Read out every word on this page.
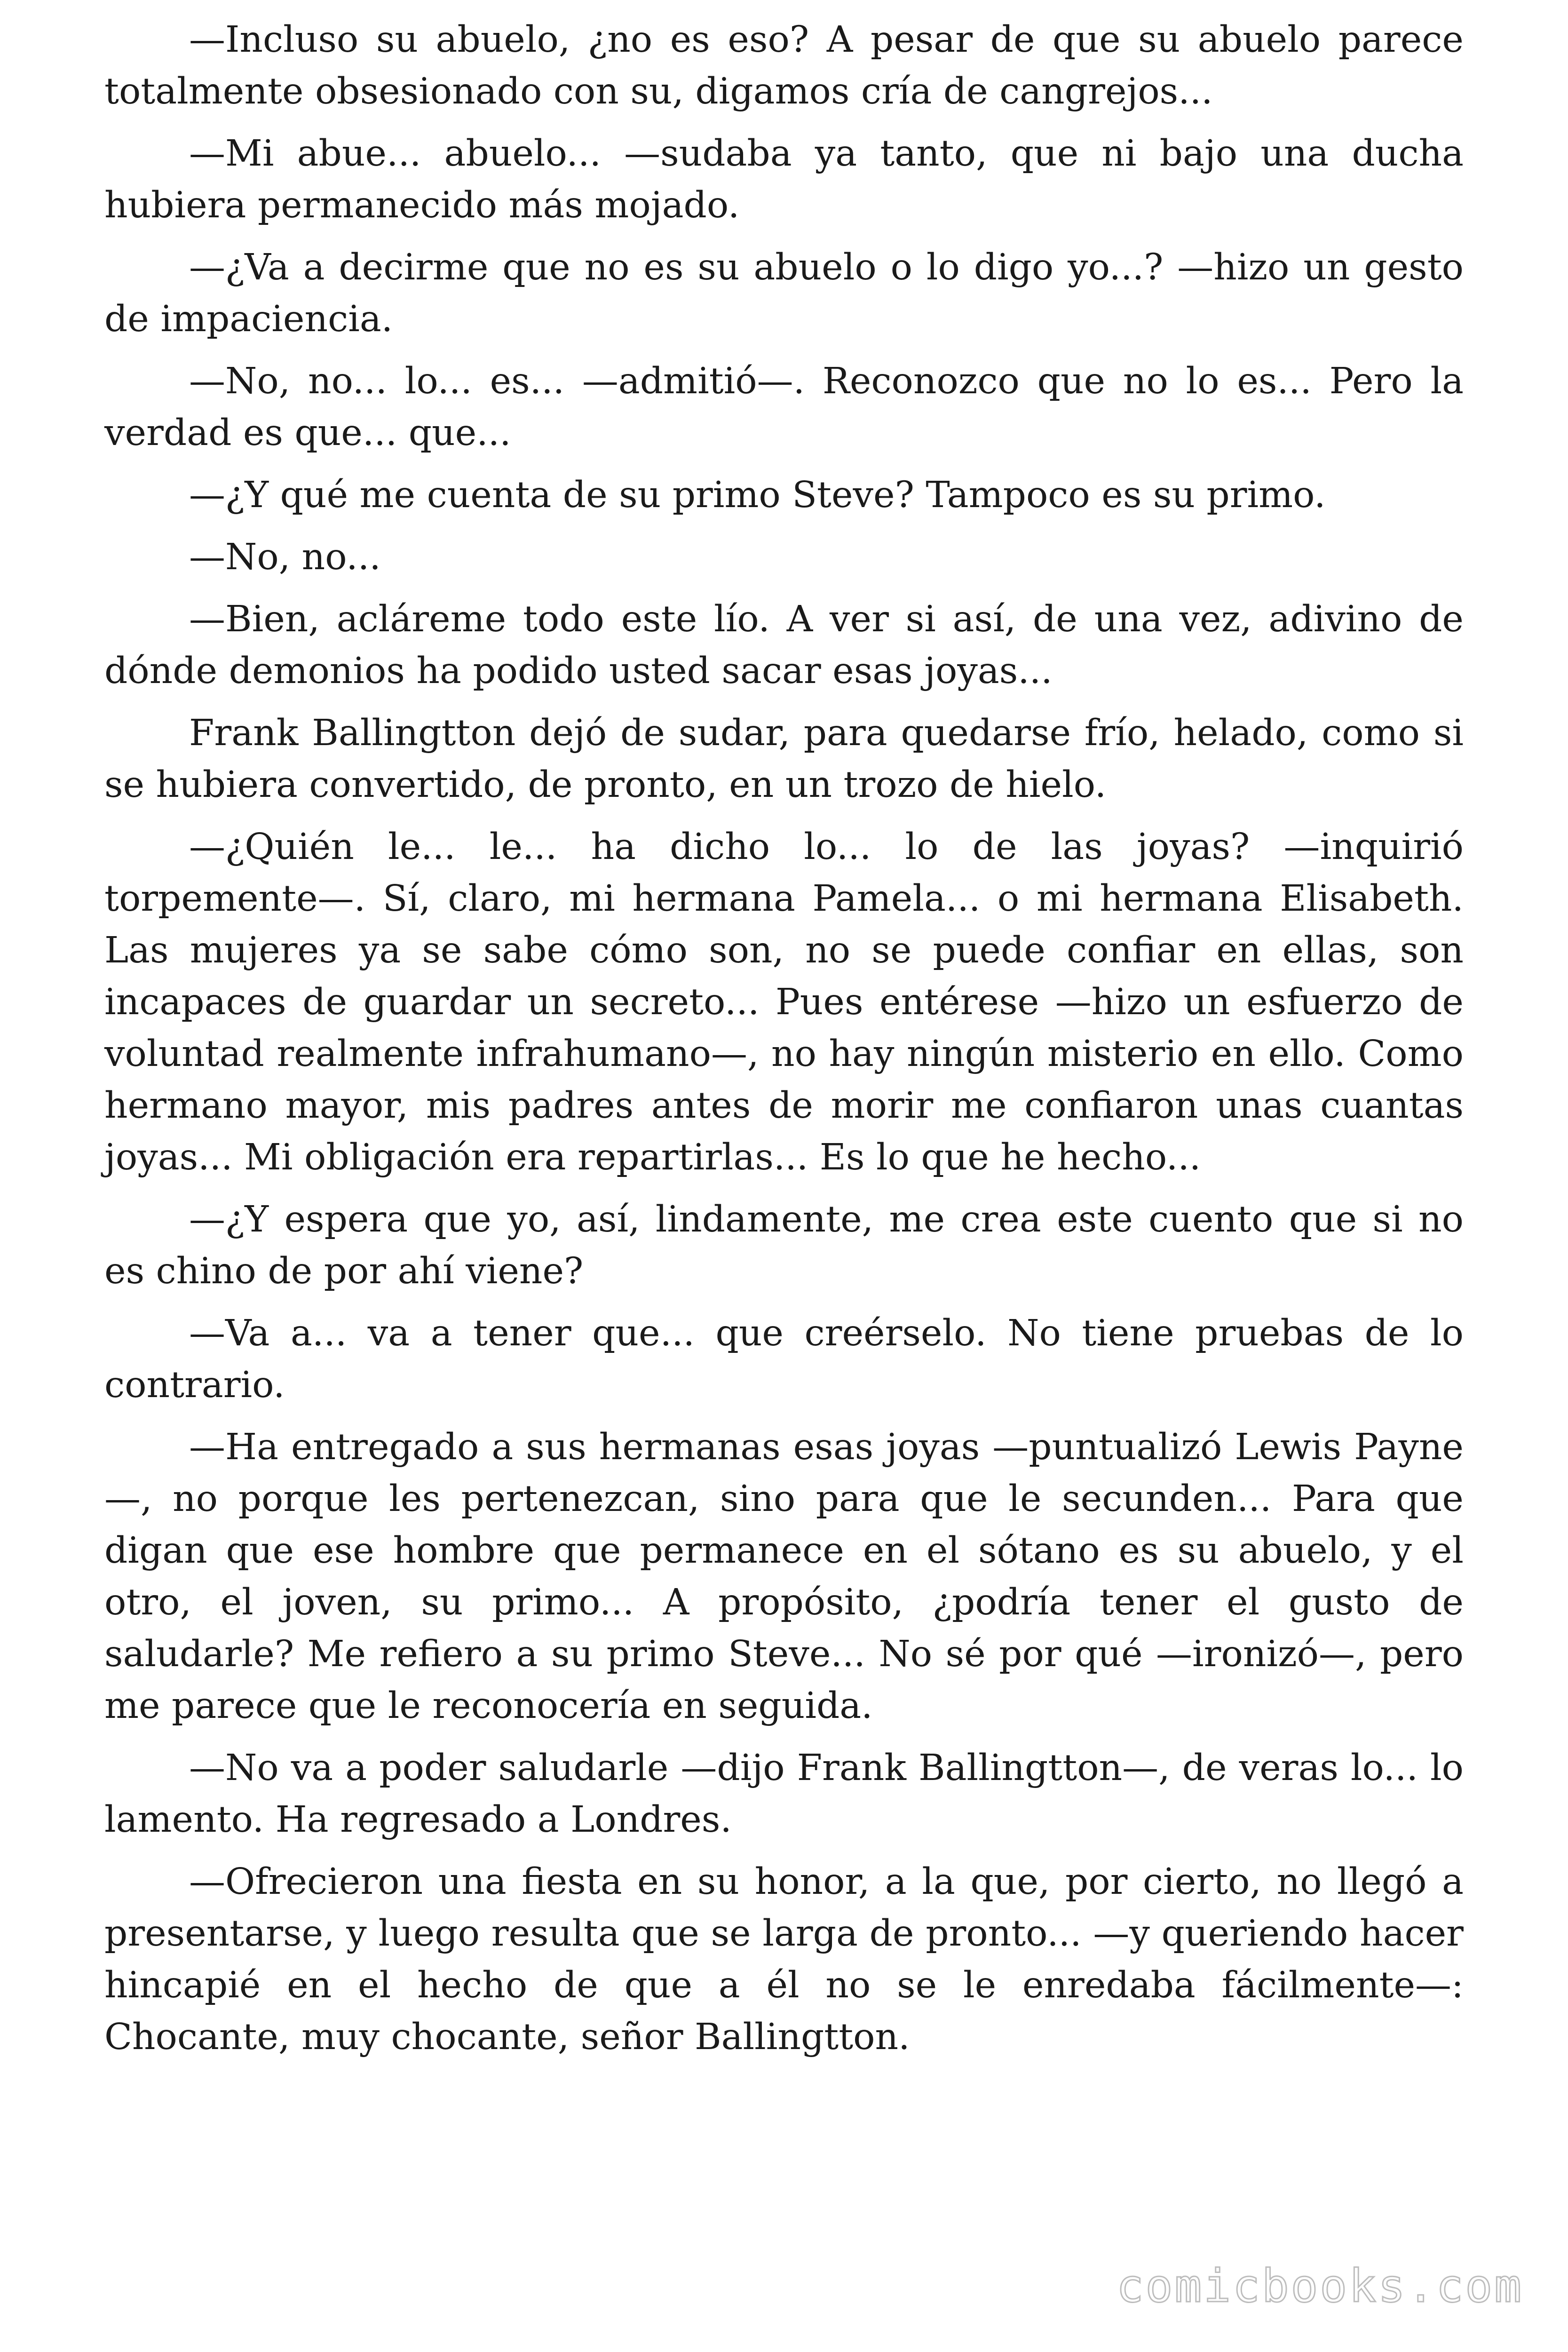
—Incluso su abuelo, ¿no es eso? A pesar de que su abuelo parece totalmente obsesionado con su, digamos cría de cangrejos...

—Mi abue... abuelo... —sudaba ya tanto, que ni bajo una ducha hubiera permanecido más mojado.

—¿Va a decirme que no es su abuelo o lo digo yo...? —hizo un gesto de impaciencia.

—No, no... lo... es... —admitió—. Reconozco que no lo es... Pero la verdad es que... que...

—¿Y qué me cuenta de su primo Steve? Tampoco es su primo.

—No, no...

—Bien, aclárеme todo este lío. A ver si así, de una vez, adivino de dónde demonios ha podido usted sacar esas joyas...

Frank Ballingtton dejó de sudar, para quedarse frío, helado, como si se hubiera convertido, de pronto, en un trozo de hielo.

—¿Quién le... le... ha dicho lo... lo de las joyas? —inquirió torpemente—. Sí, claro, mi hermana Pamela... o mi hermana Elisabeth. Las mujeres ya se sabe cómo son, no se puede confiar en ellas, son incapaces de guardar un secreto... Pues entérese —hizo un esfuerzo de voluntad realmente infrahumano—, no hay ningún misterio en ello. Como hermano mayor, mis padres antes de morir me confiaron unas cuantas joyas... Mi obligación era repartirlas... Es lo que he hecho...

—¿Y espera que yo, así, lindamente, me crea este cuento que si no es chino de por ahí viene?

—Va a... va a tener que... que creérselo. No tiene pruebas de lo contrario.

—Ha entregado a sus hermanas esas joyas —puntualizó Lewis Payne—, no porque les pertenezcan, sino para que le secunden... Para que digan que ese hombre que permanece en el sótano es su abuelo, y el otro, el joven, su primo... A propósito, ¿podría tener el gusto de saludarle? Me refiero a su primo Steve... No sé por qué —ironizó—, pero me parece que le reconocería en seguida.

—No va a poder saludarle —dijo Frank Ballingtton—, de veras lo... lo lamento. Ha regresado a Londres.

—Ofrecieron una fiesta en su honor, a la que, por cierto, no llegó a presentarse, y luego resulta que se larga de pronto... —y queriendo hacer hincapié en el hecho de que a él no se le enredaba fácilmente—: Chocante, muy chocante, señor Ballingtton.

comicbooks.com
